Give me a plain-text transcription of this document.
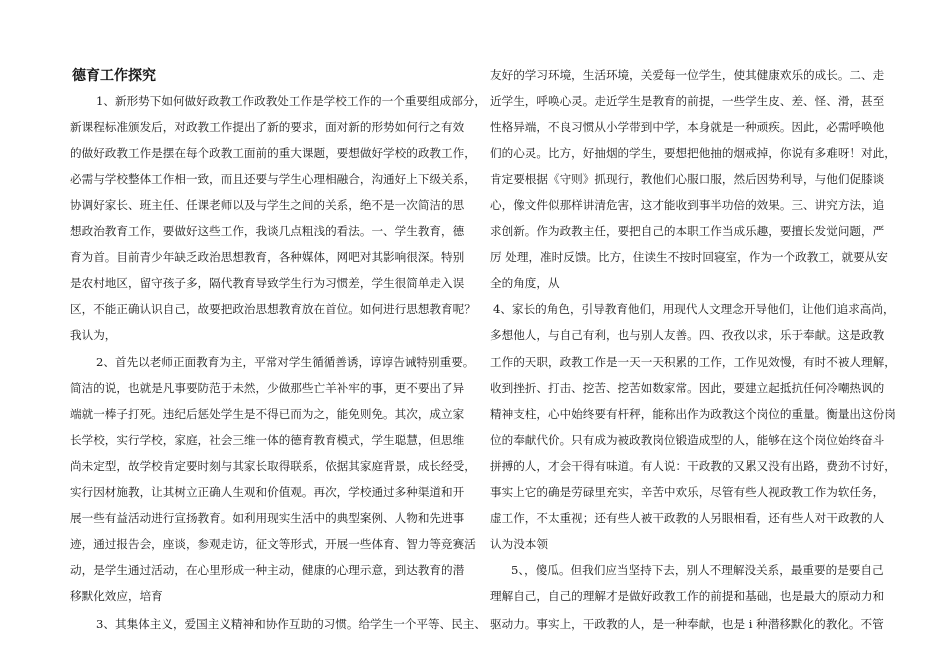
德育工作探究
1、新形势下如何做好政教工作政教处工作是学校工作的一个重要组成部分，
新课程标准颁发后，对政教工作提出了新的要求，面对新的形势如何行之有效
的做好政教工作是摆在每个政教工面前的重大课题，要想做好学校的政教工作，
必需与学校整体工作相一致，而且还要与学生心理相融合，沟通好上下级关系，
协调好家长、班主任、任课老师以及与学生之间的关系，绝不是一次简洁的思
想政治教育工作，要做好这些工作，我谈几点粗浅的看法。一、学生教育，德
育为首。目前青少年缺乏政治思想教育，各种媒体，网吧对其影响很深。特别
是农村地区，留守孩子多，隔代教育导致学生行为习惯差，学生很简单走入误
区，不能正确认识自己，故要把政治思想教育放在首位。如何进行思想教育呢？
我认为，
2、首先以老师正面教育为主，平常对学生循循善诱，谆谆告诫特别重要。
简洁的说，也就是凡事要防范于未然，少做那些亡羊补牢的事，更不要出了异
端就一棒子打死。违纪后惩处学生是不得已而为之，能免则免。其次，成立家
长学校，实行学校，家庭，社会三维一体的德育教育模式，学生聪慧，但思维
尚未定型，故学校肯定要时刻与其家长取得联系，依据其家庭背景，成长经受，
实行因材施教，让其树立正确人生观和价值观。再次，学校通过多种渠道和开
展一些有益活动进行宣扬教育。如利用现实生活中的典型案例、人物和先进事
迹，通过报告会，座谈，参观走访，征文等形式，开展一些体育、智力等竞赛活
动，是学生通过活动，在心里形成一种主动，健康的心理示意，到达教育的潜
移默化效应，培育
3、其集体主义，爱国主义精神和协作互助的习惯。给学生一个平等、民主、
友好的学习环境，生活环境，关爱每一位学生，使其健康欢乐的成长。二、走
近学生，呼唤心灵。走近学生是教育的前提，一些学生皮、差、怪、滑，甚至
性格异端，不良习惯从小学带到中学，本身就是一种顽疾。因此，必需呼唤他
们的心灵。比方，好抽烟的学生，要想把他抽的烟戒掉，你说有多难呀！对此，
肯定要根据《守则》抓现行，教他们心服口服，然后因势利导，与他们促膝谈
心，像文件似那样讲清危害，这才能收到事半功倍的效果。三、讲究方法，追
求创新。作为政教主任，要把自己的本职工作当成乐趣，要擅长发觉问题，严
厉 处理，准时反馈。比方，住读生不按时回寝室，作为一个政教工，就要从安
全的角度，从
4、家长的角色，引导教育他们，用现代人文理念开导他们，让他们追求高尚，
多想他人，与自己有利，也与别人友善。四、孜孜以求，乐于奉献。这是政教
工作的天职，政教工作是一天一天积累的工作，工作见效慢，有时不被人理解，
收到挫折、打击、挖苦、挖苦如数家常。因此，要建立起抵抗任何冷嘲热讽的
精神支柱，心中始终要有杆秤，能称出作为政教这个岗位的重量。衡量出这份岗
位的奉献代价。只有成为被政教岗位锻造成型的人，能够在这个岗位始终奋斗
拼搏的人，才会干得有味道。有人说：干政教的又累又没有出路，费劲不讨好，
事实上它的确是劳碌里充实，辛苦中欢乐，尽管有些人视政教工作为软任务，
虚工作，不太重视；还有些人被干政教的人另眼相看，还有些人对干政教的人
认为没本领
5、，傻瓜。但我们应当坚持下去，别人不理解没关系，最重要的是要自己
理解自己，自己的理解才是做好政教工作的前提和基础，也是最大的原动力和
驱动力。事实上，干政教的人，是一种奉献，也是 i 种潜移默化的教化。不管
